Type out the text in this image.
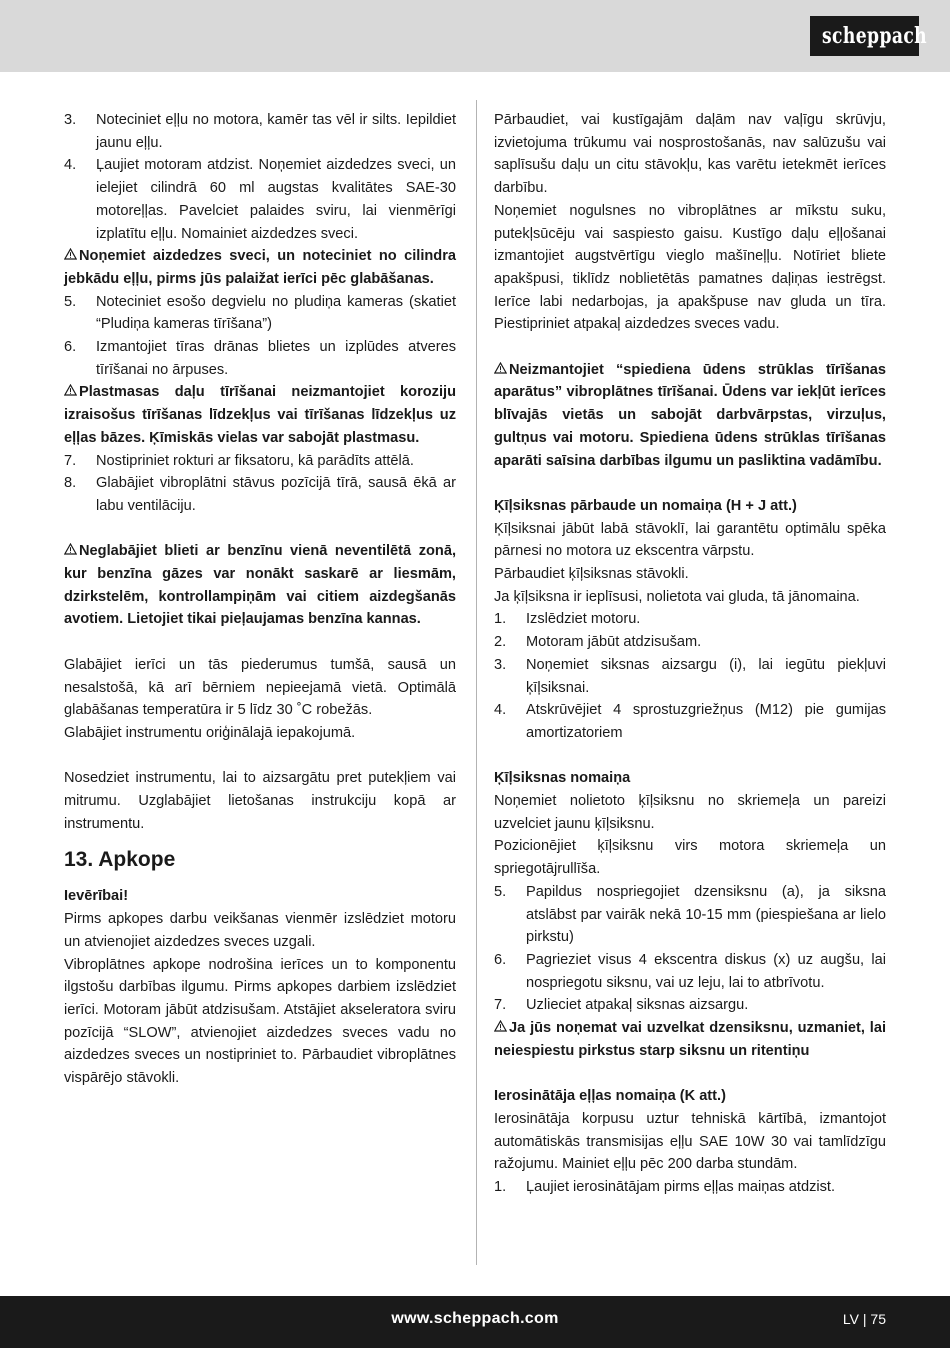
scheppach
3. Noteciniet eļļu no motora, kamēr tas vēl ir silts. Iepildiet jaunu eļļu.
4. Ļaujiet motoram atdzist. Noņemiet aizdedzes sveci, un ielejiet cilindrā 60 ml augstas kvalitātes SAE-30 motoreļļas. Pavelciet palaides sviru, lai vienmērīgi izplatītu eļļu. Nomainiet aizdedzes sveci.
Noņemiet aizdedzes sveci, un noteciniet no cilindra jebkādu eļļu, pirms jūs palaižat ierīci pēc glabāšanas.
5. Noteciniet esošo degvielu no pludiņa kameras (skatiet “Pludiņa kameras tīrīšana”)
6. Izmantojiet tīras drānas blietes un izplūdes atveres tīrīšanai no ārpuses.
Plastmasas daļu tīrīšanai neizmantojiet koroziju izraisošus tīrīšanas līdzekļus vai tīrīšanas līdzekļus uz eļļas bāzes. Ķīmiskās vielas var sabojāt plastmasu.
7. Nostipriniet rokturi ar fiksatoru, kā parādīts attēlā.
8. Glabājiet vibroplātni stāvus pozīcijā tīrā, sausā ēkā ar labu ventilāciju.
Neglabājiet blieti ar benzīnu vienā neventilētā zonā, kur benzīna gāzes var nonākt saskarē ar liesmām, dzirkstelēm, kontrollampiņām vai citiem aizdegšanās avotiem. Lietojiet tikai pieļaujamas benzīna kannas.
Glabājiet ierīci un tās piederumus tumšā, sausā un nesalstošā, kā arī bērniem nepieejamā vietā. Optimālā glabāšanas temperatūra ir 5 līdz 30 ˚C robežās.
Glabājiet instrumentu oriģinālajā iepakojumā.
Nosedziet instrumentu, lai to aizsargātu pret putekļiem vai mitrumu. Uzglabājiet lietošanas instrukciju kopā ar instrumentu.
13. Apkope
Ievērībai!
Pirms apkopes darbu veikšanas vienmēr izslēdziet motoru un atvienojiet aizdedzes sveces uzgali.
Vibroplātnes apkope nodrošina ierīces un to komponentu ilgstošu darbības ilgumu. Pirms apkopes darbiem izslēdziet ierīci. Motoram jābūt atdzisušam. Atstājiet akseleratora sviru pozīcijā “SLOW”, atvienojiet aizdedzes sveces vadu no aizdedzes sveces un nostipriniet to. Pārbaudiet vibroplātnes vispārējo stāvokli.
Pārbaudiet, vai kustīgajām daļām nav vaļīgu skrūvju, izvietojuma trūkumu vai nosprostošanās, nav salūzušu vai saplīsušu daļu un citu stāvokļu, kas varētu ietekmēt ierīces darbību.
Noņemiet nogulsnes no vibroplātnes ar mīkstu suku, putekļsūcēju vai saspiesto gaisu. Kustīgo daļu eļļošanai izmantojiet augstvērtīgu vieglo mašīneļļu. Notīriet bliete apakšpusi, tiklīdz noblietētās pamatnes daļiņas iestrēgst. Ierīce labi nedarbojas, ja apakšpuse nav gluda un tīra. Piestipriniet atpakaļ aizdedzes sveces vadu.
Neizmantojiet “spiediena ūdens strūklas tīrīšanas aparātus” vibroplātnes tīrīšanai. Ūdens var iekļūt ierīces blīvajās vietās un sabojāt darbvārpstas, virzuļus, gultņus vai motoru. Spiediena ūdens strūklas tīrīšanas aparāti saīsina darbības ilgumu un pasliktina vadāmību.
Ķīļsiksnas pārbaude un nomaiņa (H + J att.)
Ķīļsiksnai jābūt labā stāvoklī, lai garantētu optimālu spēka pārnesi no motora uz ekscentra vārpstu.
Pārbaudiet ķīļsiksnas stāvokli.
Ja ķīļsiksna ir ieplīsusi, nolietota vai gluda, tā jānomaina.
1. Izslēdziet motoru.
2. Motoram jābūt atdzisušam.
3. Noņemiet siksnas aizsargu (i), lai iegūtu piekļuvi ķīļsiksnai.
4. Atskrūvējiet 4 sprostuzgriežņus (M12) pie gumijas amortizatoriem
Ķīļsiksnas nomaiņa
Noņemiet nolietoto ķīļsiksnu no skriemeļa un pareizi uzvelciet jaunu ķīļsiksnu.
Pozicionējiet ķīļsiksnu virs motora skriemeļa un spriegotājrullīša.
5. Papildus nospriegojiet dzensiksnu (a), ja siksna atslābst par vairāk nekā 10-15 mm (piespiešana ar lielo pirkstu)
6. Pagrieziet visus 4 ekscentra diskus (x) uz augšu, lai nospriegotu siksnu, vai uz leju, lai to atbrīvotu.
7. Uzlieciet atpakaļ siksnas aizsargu.
Ja jūs noņemat vai uzvelkat dzensiksnu, uzmaniet, lai neiespiestu pirkstus starp siksnu un ritentiņu
Ierosinātāja eļļas nomaiņa (K att.)
Ierosinātāja korpusu uztur tehniskā kārtībā, izmantojot automātiskās transmisijas eļļu SAE 10W 30 vai tamlīdzīgu ražojumu. Mainiet eļļu pēc 200 darba stundām.
1. Ļaujiet ierosinātājam pirms eļļas maiņas atdzist.
www.scheppach.com	LV | 75
